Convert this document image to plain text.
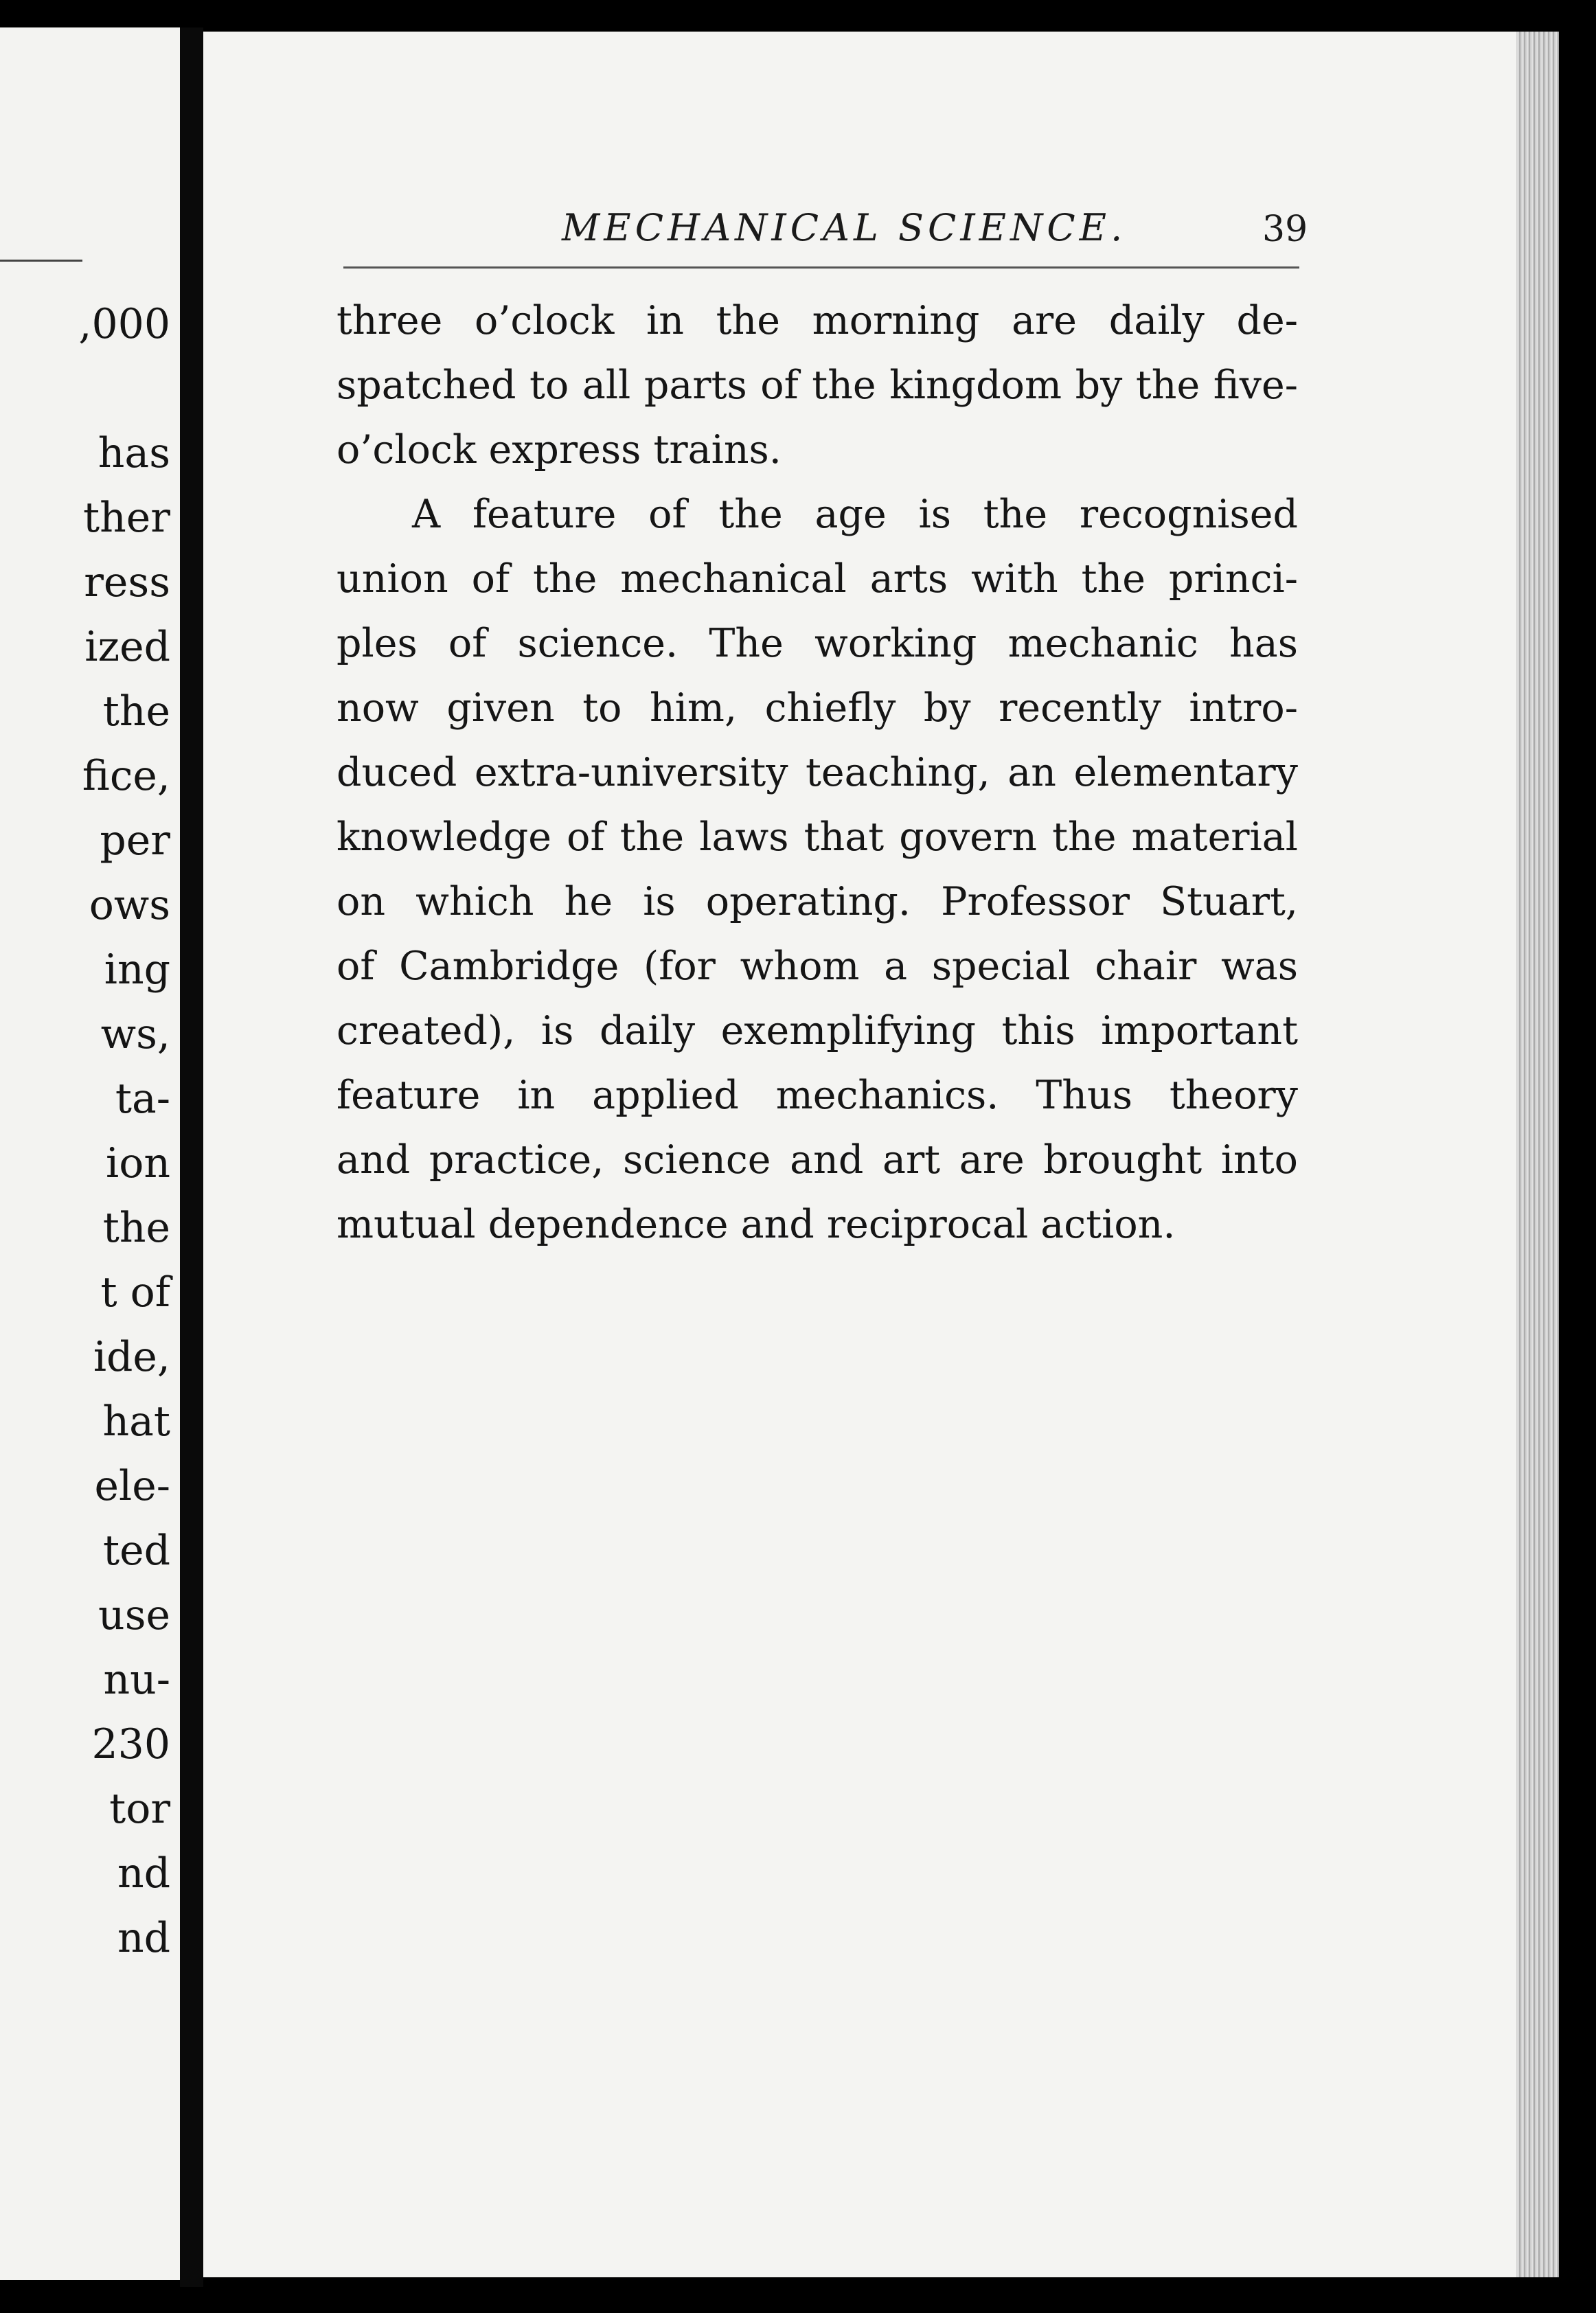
,000
has
ther
ress
ized
the
fice,
per
ows
ing
ws,
ta-
ion
the
t of
ide,
hat
ele-
ted
use
nu-
230
tor
nd
nd
MECHANICAL SCIENCE.	39
three o’clock in the morning are daily de-
spatched to all parts of the kingdom by the five-
o’clock express trains.
A feature of the age is the recognised
union of the mechanical arts with the princi-
ples of science. The working mechanic has
now given to him, chiefly by recently intro-
duced extra-university teaching, an elementary
knowledge of the laws that govern the material
on which he is operating. Professor Stuart,
of Cambridge (for whom a special chair was
created), is daily exemplifying this important
feature in applied mechanics. Thus theory
and practice, science and art are brought into
mutual dependence and reciprocal action.
